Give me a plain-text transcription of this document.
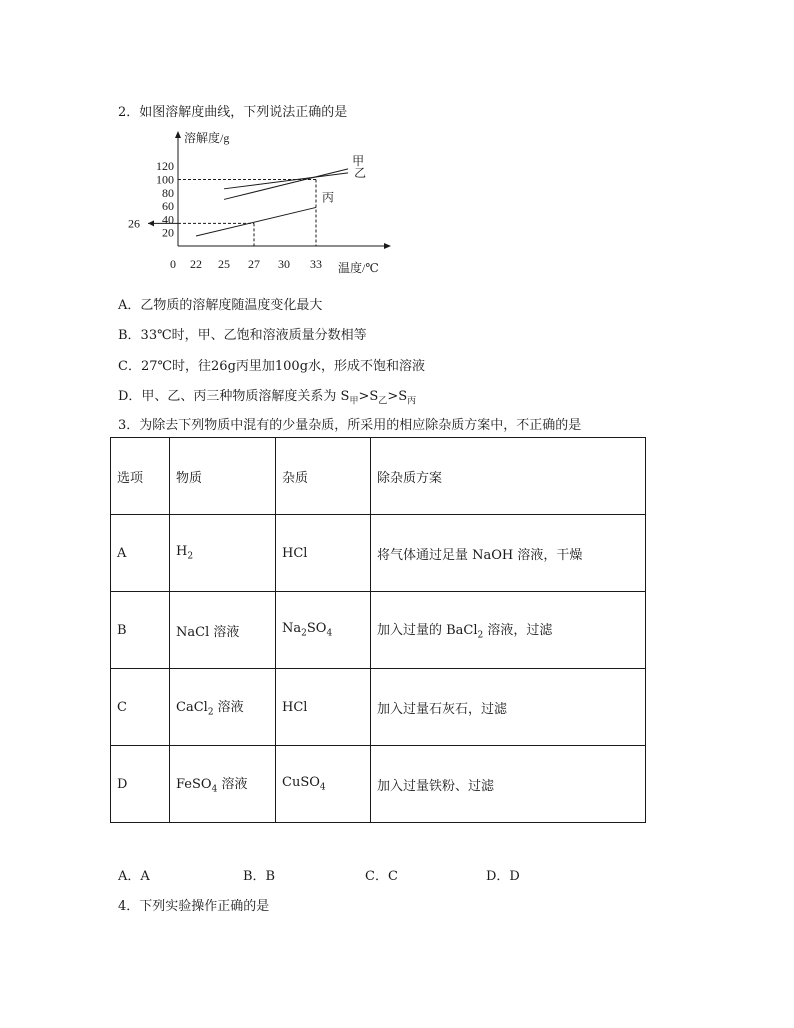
2．如图溶解度曲线，下列说法正确的是
溶解度/g
温度/℃
0 22 25 27 30 33
20
40
60
80
100
120
26
甲
乙
丙
A．乙物质的溶解度随温度变化最大
B．33℃时，甲、乙饱和溶液质量分数相等
C．27℃时，往26g丙里加100g水，形成不饱和溶液
D．甲、乙、丙三种物质溶解度关系为 $S_甲>S_乙>S_丙$
3．为除去下列物质中混有的少量杂质，所采用的相应除杂质方案中，不正确的是
选项	物质	杂质	除杂质方案
A	$H_2$	HCl	将气体通过足量 NaOH 溶液，干燥
B	NaCl 溶液	$Na_2SO_4$	加入过量的 BaCl$_2$ 溶液，过滤
C	CaCl$_2$ 溶液	HCl	加入过量石灰石，过滤
D	FeSO$_4$ 溶液	CuSO$_4$	加入过量铁粉、过滤
A．A	B．B	C．C	D．D
4．下列实验操作正确的是
